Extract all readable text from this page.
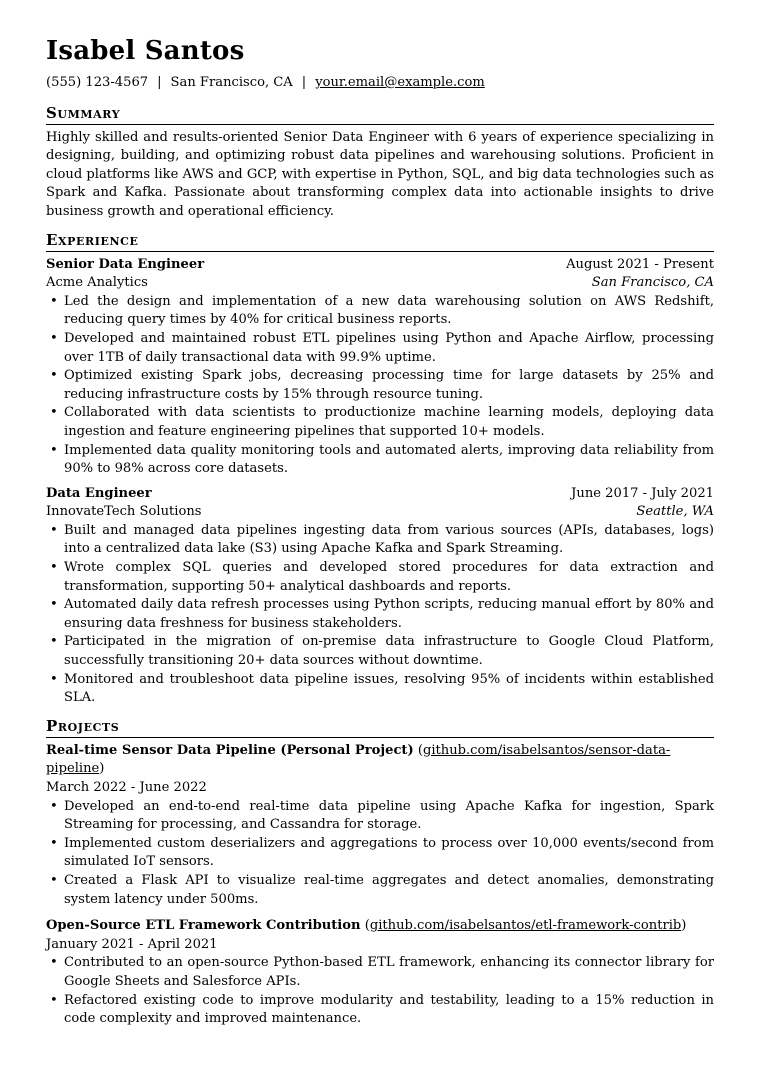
Isabel Santos
(555) 123-4567 | San Francisco, CA | your.email@example.com
Summary

Highly skilled and results-oriented Senior Data Engineer with 6 years of experience specializing in designing, building, and optimizing robust data pipelines and warehousing solutions. Proficient in cloud platforms like AWS and GCP, with expertise in Python, SQL, and big data technologies such as Spark and Kafka. Passionate about transforming complex data into actionable insights to drive business growth and operational efficiency.

Experience
Senior Data Engineer	August 2021 - Present
Acme Analytics	San Francisco, CA
• Led the design and implementation of a new data warehousing solution on AWS Redshift, reducing query times by 40% for critical business reports.
• Developed and maintained robust ETL pipelines using Python and Apache Airflow, processing over 1TB of daily transactional data with 99.9% uptime.
• Optimized existing Spark jobs, decreasing processing time for large datasets by 25% and reducing infrastructure costs by 15% through resource tuning.
• Collaborated with data scientists to productionize machine learning models, deploying data ingestion and feature engineering pipelines that supported 10+ models.
• Implemented data quality monitoring tools and automated alerts, improving data reliability from 90% to 98% across core datasets.
Data Engineer	June 2017 - July 2021
InnovateTech Solutions	Seattle, WA
• Built and managed data pipelines ingesting data from various sources (APIs, databases, logs) into a centralized data lake (S3) using Apache Kafka and Spark Streaming.
• Wrote complex SQL queries and developed stored procedures for data extraction and transformation, supporting 50+ analytical dashboards and reports.
• Automated daily data refresh processes using Python scripts, reducing manual effort by 80% and ensuring data freshness for business stakeholders.
• Participated in the migration of on-premise data infrastructure to Google Cloud Platform, successfully transitioning 20+ data sources without downtime.
• Monitored and troubleshoot data pipeline issues, resolving 95% of incidents within established SLA.
Projects
Real-time Sensor Data Pipeline (Personal Project) (github.com/isabelsantos/sensor-data-pipeline)
March 2022 - June 2022
• Developed an end-to-end real-time data pipeline using Apache Kafka for ingestion, Spark Streaming for processing, and Cassandra for storage.
• Implemented custom deserializers and aggregations to process over 10,000 events/second from simulated IoT sensors.
• Created a Flask API to visualize real-time aggregates and detect anomalies, demonstrating system latency under 500ms.
Open-Source ETL Framework Contribution (github.com/isabelsantos/etl-framework-contrib) January 2021 - April 2021
• Contributed to an open-source Python-based ETL framework, enhancing its connector library for Google Sheets and Salesforce APIs.
• Refactored existing code to improve modularity and testability, leading to a 15% reduction in code complexity and improved maintenance.
